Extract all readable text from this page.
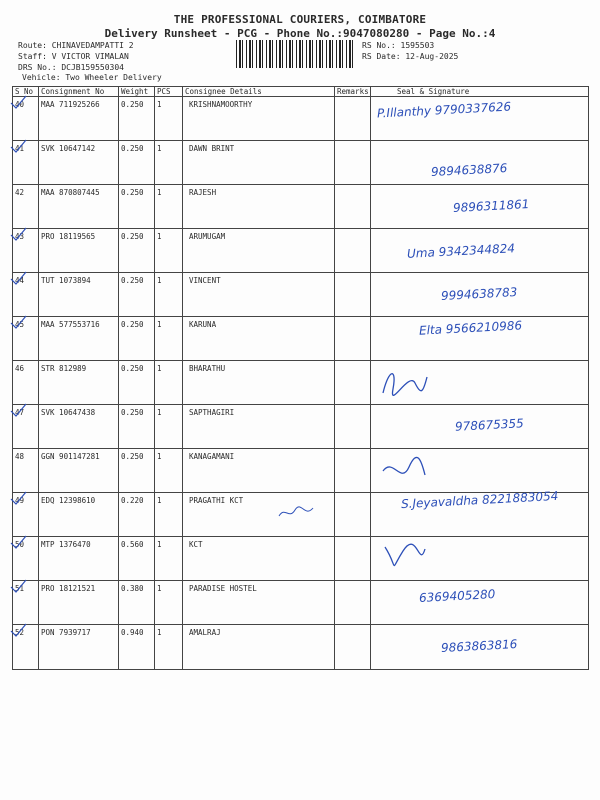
THE PROFESSIONAL COURIERS, COIMBATORE
Delivery Runsheet - PCG - Phone No.:9047080280 - Page No.:4
Route: CHINAVEDAMPATTI 2
Staff: V VICTOR VIMALAN
DRS No.: DCJB159550304
Vehicle: Two Wheeler Delivery
RS No.: 1595503
RS Date: 12-Aug-2025
S No	Consignment No	Weight	PCS	Consignee Details	Remarks	Seal & Signature
40	MAA 711925266	0.250	1	KRISHNAMOORTHY		P.Illanthy 9790337626

41	SVK 10647142	0.250	1	DAWN BRINT		9894638876

42	MAA 870807445	0.250	1	RAJESH		9896311861

43	PRO 18119565	0.250	1	ARUMUGAM		Uma 9342344824

44	TUT 1073894	0.250	1	VINCENT		9994638783

45	MAA 577553716	0.250	1	KARUNA		Elta 9566210986

46	STR 812989	0.250	1	BHARATHU		

47	SVK 10647438	0.250	1	SAPTHAGIRI		978675355

48	GGN 901147281	0.250	1	KANAGAMANI		

49	EDQ 12398610	0.220	1	PRAGATHI KCT		S.Jeyavaldha 8221883054

50	MTP 1376470	0.560	1	KCT		

51	PRO 18121521	0.380	1	PARADISE HOSTEL		6369405280

52	PON 7939717	0.940	1	AMALRAJ		9863863816
